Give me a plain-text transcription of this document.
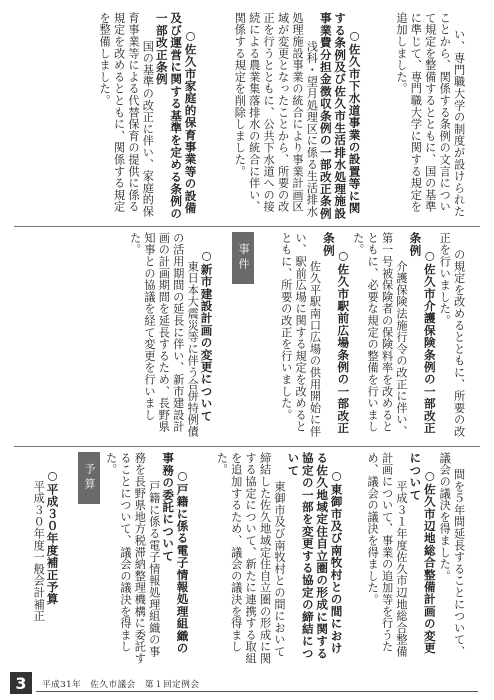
い、専門職大学の制度が設けられたことから、関係する条例の文言について規定を整備するとともに、国の基準に準じて、専門職大学に関する規定を追加しました。

○佐久市下水道事業の設置等に関する条例及び佐久市生活排水処理施設事業費分担金徴収条例の一部改正条例
　浅科・望月処理区に係る生活排水処理施設事業の統合により事業計画区域が変更となったことから、所要の改正を行うとともに、公共下水道への接続による農業集落排水の統合に伴い、関係する規定を削除しました。

○佐久市家庭的保育事業等の設備及び運営に関する基準を定める条例の一部改正条例
　国の基準の改正に伴い、家庭的保育事業等による代替保育の提供に係る規定を改めるとともに、関係する規定を整備しました。

の規定を改めるとともに、所要の改正を行いました。
○佐久市介護保険条例の一部改正条例
　介護保険法施行令の改正に伴い、第一号被保険者の保険料率を改めるとともに、必要な規定の整備を行いました。
○佐久市駅前広場条例の一部改正条例
　佐久平駅南口広場の供用開始に伴い、駅前広場に関する規定を改めるとともに、所要の改正を行いました。

事件

○新市建設計画の変更について
　東日本大震災等に伴う合併特例債の活用期間の延長に伴い、新市建設計画の計画期間を延長するため、長野県知事との協議を経て変更を行いました。

間を５年間延長することについて、議会の議決を得ました。
○佐久市辺地総合整備計画の変更について
　平成３１年度佐久市辺地総合整備計画について、事業の追加等を行うため、議会の議決を得ました。

○東御市及び南牧村との間における佐久地域定住自立圏の形成に関する協定の一部を変更する協定の締結について
　東御市及び南牧村との間において締結した佐久地域定住自立圏の形成に関する協定について、新たに連携する取組を追加するため、議会の議決を得ました。

○戸籍に係る電子情報処理組織の事務の委託について
　戸籍に係る電子情報処理組織の事務を長野県地方税滞納整理機構に委託することについて、議会の議決を得ました。

予算

○平成３０年度補正予算
　平成３０年度一般会計補正

3	平成31年　佐久市議会　第１回定例会
